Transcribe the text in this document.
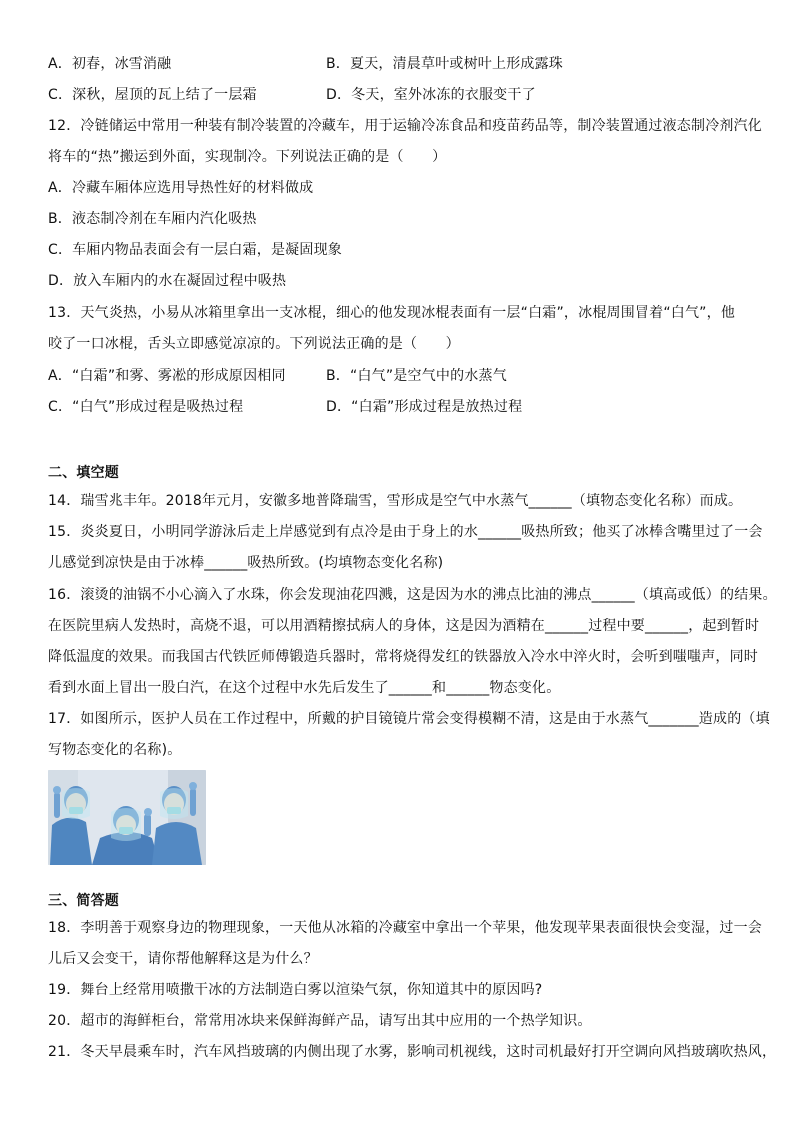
A．初春，冰雪消融	B．夏天，清晨草叶或树叶上形成露珠
C．深秋，屋顶的瓦上结了一层霜	D．冬天，室外冰冻的衣服变干了
12．冷链储运中常用一种装有制冷装置的冷藏车，用于运输冷冻食品和疫苗药品等，制冷装置通过液态制冷剂汽化
将车的“热”搬运到外面，实现制冷。下列说法正确的是（　　）
A．冷藏车厢体应选用导热性好的材料做成
B．液态制冷剂在车厢内汽化吸热
C．车厢内物品表面会有一层白霜，是凝固现象
D．放入车厢内的水在凝固过程中吸热
13．天气炎热，小易从冰箱里拿出一支冰棍，细心的他发现冰棍表面有一层“白霜”，冰棍周围冒着“白气”，他
咬了一口冰棍，舌头立即感觉凉凉的。下列说法正确的是（　　）
A．“白霜”和雾、雾凇的形成原因相同	B．“白气”是空气中的水蒸气
C．“白气”形成过程是吸热过程	D．“白霜”形成过程是放热过程
二、填空题
14．瑞雪兆丰年。2018年元月，安徽多地普降瑞雪，雪形成是空气中水蒸气______（填物态变化名称）而成。
15．炎炎夏日，小明同学游泳后走上岸感觉到有点冷是由于身上的水______吸热所致；他买了冰棒含嘴里过了一会
儿感觉到凉快是由于冰棒______吸热所致。(均填物态变化名称)
16．滚烫的油锅不小心滴入了水珠，你会发现油花四溅，这是因为水的沸点比油的沸点______（填高或低）的结果。
在医院里病人发热时，高烧不退，可以用酒精擦拭病人的身体，这是因为酒精在______过程中要______，起到暂时
降低温度的效果。而我国古代铁匠师傅锻造兵器时，常将烧得发红的铁器放入冷水中淬火时，会听到嗤嗤声，同时
看到水面上冒出一股白汽，在这个过程中水先后发生了______和______物态变化。
17．如图所示，医护人员在工作过程中，所戴的护目镜镜片常会变得模糊不清，这是由于水蒸气_______造成的（填
写物态变化的名称)。
三、简答题
18．李明善于观察身边的物理现象，一天他从冰箱的冷藏室中拿出一个苹果，他发现苹果表面很快会变湿，过一会
儿后又会变干，请你帮他解释这是为什么？
19．舞台上经常用喷撒干冰的方法制造白雾以渲染气氛，你知道其中的原因吗?
20．超市的海鲜柜台，常常用冰块来保鲜海鲜产品，请写出其中应用的一个热学知识。
21．冬天早晨乘车时，汽车风挡玻璃的内侧出现了水雾，影响司机视线，这时司机最好打开空调向风挡玻璃吹热风，
